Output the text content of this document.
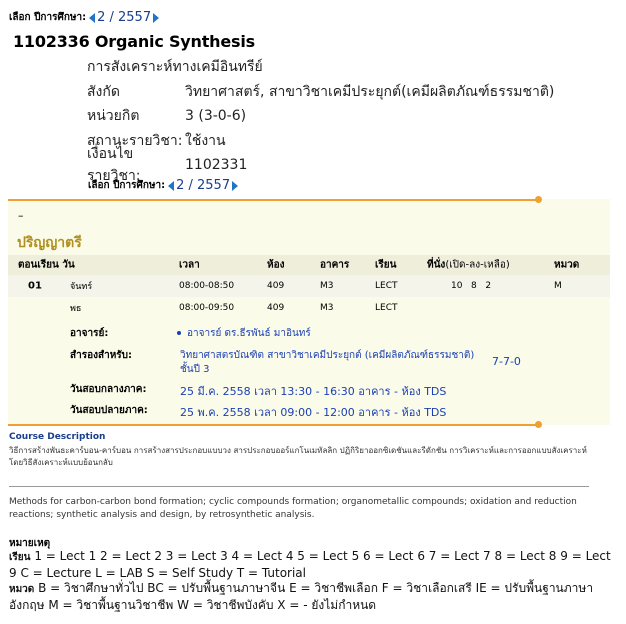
เลือก ปีการศึกษา: 2 / 2557
1102336 Organic Synthesis
การสังเคราะห์ทางเคมีอินทรีย์
สังกัด	วิทยาศาสตร์, สาขาวิชาเคมีประยุกต์(เคมีผลิตภัณฑ์ธรรมชาติ)
หน่วยกิต	3 (3-0-6)
สถานะรายวิชา: ใช้งาน
เงื่อนไขรายวิชา:
1102331
เลือก ปีการศึกษา: 2 / 2557
–
ปริญญาตรี
ตอนเรียน วัน	เวลา	ห้อง	อาคาร	เรียน	ที่นั่ง(เปิด-ลง-เหลือ)	หมวด
01	จันทร์	08:00-08:50	409	M3	LECT	10   8   2	M
พธ	08:00-09:50	409	M3	LECT
อาจารย์:	อาจารย์ ดร.ธีรพันธ์ มาอินทร์
สำรองสำหรับ:	วิทยาศาสตรบัณฑิต สาขาวิชาเคมีประยุกต์ (เคมีผลิตภัณฑ์ธรรมชาติ)
ชั้นปี 3
7-7-0
วันสอบกลางภาค:	25 มี.ค. 2558 เวลา 13:30 - 16:30 อาคาร - ห้อง TDS
วันสอบปลายภาค:	25 พ.ค. 2558 เวลา 09:00 - 12:00 อาคาร - ห้อง TDS
Course Description
วิธีการสร้างพันธะคาร์บอน-คาร์บอน การสร้างสารประกอบแบบวง สารประกอบออร์แกโนเมทัลลิก ปฏิกิริยาออกซิเดชันและรีดักชัน การวิเคราะห์และการออกแบบสังเคราะห์โดยวิธีสังเคราะห์แบบย้อนกลับ
Methods for carbon-carbon bond formation; cyclic compounds formation; organometallic compounds; oxidation and reduction reactions; synthetic analysis and design, by retrosynthetic analysis.
หมายเหตุ
เรียน 1 = Lect 1 2 = Lect 2 3 = Lect 3 4 = Lect 4 5 = Lect 5 6 = Lect 6 7 = Lect 7 8 = Lect 8 9 = Lect 9 C = Lecture L = LAB S = Self Study T = Tutorial
หมวด B = วิชาศึกษาทั่วไป BC = ปรับพื้นฐานภาษาจีน E = วิชาชีพเลือก F = วิชาเลือกเสรี IE = ปรับพื้นฐานภาษาอังกฤษ M = วิชาพื้นฐานวิชาชีพ W = วิชาชีพบังคับ X = - ยังไม่กำหนด
